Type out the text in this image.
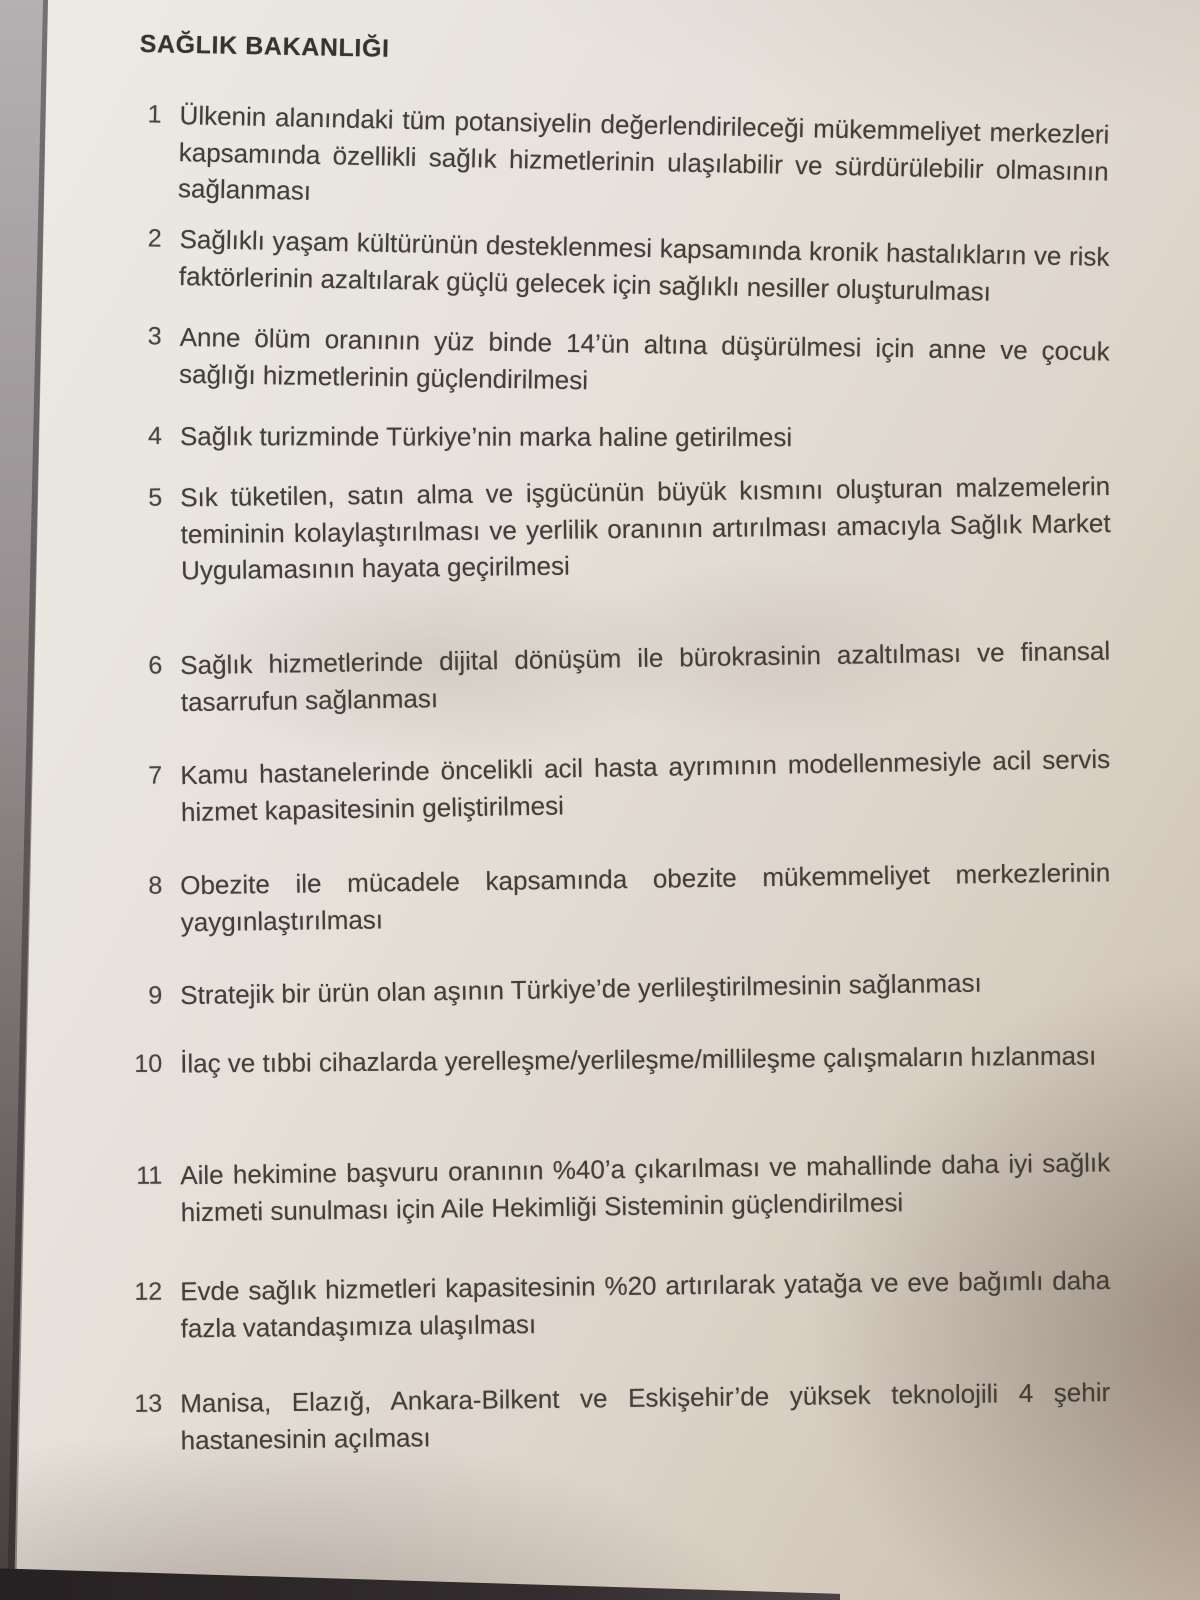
SAĞLIK BAKANLIĞI
1 Ülkenin alanındaki tüm potansiyelin değerlendirileceği mükemmeliyet merkezleri kapsamında özellikli sağlık hizmetlerinin ulaşılabilir ve sürdürülebilir olmasının sağlanması
2 Sağlıklı yaşam kültürünün desteklenmesi kapsamında kronik hastalıkların ve risk faktörlerinin azaltılarak güçlü gelecek için sağlıklı nesiller oluşturulması
3 Anne ölüm oranının yüz binde 14’ün altına düşürülmesi için anne ve çocuk sağlığı hizmetlerinin güçlendirilmesi
4 Sağlık turizminde Türkiye’nin marka haline getirilmesi
5 Sık tüketilen, satın alma ve işgücünün büyük kısmını oluşturan malzemelerin temininin kolaylaştırılması ve yerlilik oranının artırılması amacıyla Sağlık Market Uygulamasının hayata geçirilmesi
6 Sağlık hizmetlerinde dijital dönüşüm ile bürokrasinin azaltılması ve finansal tasarrufun sağlanması
7 Kamu hastanelerinde öncelikli acil hasta ayrımının modellenmesiyle acil servis hizmet kapasitesinin geliştirilmesi
8 Obezite ile mücadele kapsamında obezite mükemmeliyet merkezlerinin yaygınlaştırılması
9 Stratejik bir ürün olan aşının Türkiye’de yerlileştirilmesinin sağlanması
10 İlaç ve tıbbi cihazlarda yerelleşme/yerlileşme/millileşme çalışmaların hızlanması
11 Aile hekimine başvuru oranının %40’a çıkarılması ve mahallinde daha iyi sağlık hizmeti sunulması için Aile Hekimliği Sisteminin güçlendirilmesi
12 Evde sağlık hizmetleri kapasitesinin %20 artırılarak yatağa ve eve bağımlı daha fazla vatandaşımıza ulaşılması
13 Manisa, Elazığ, Ankara-Bilkent ve Eskişehir’de yüksek teknolojili 4 şehir hastanesinin açılması
